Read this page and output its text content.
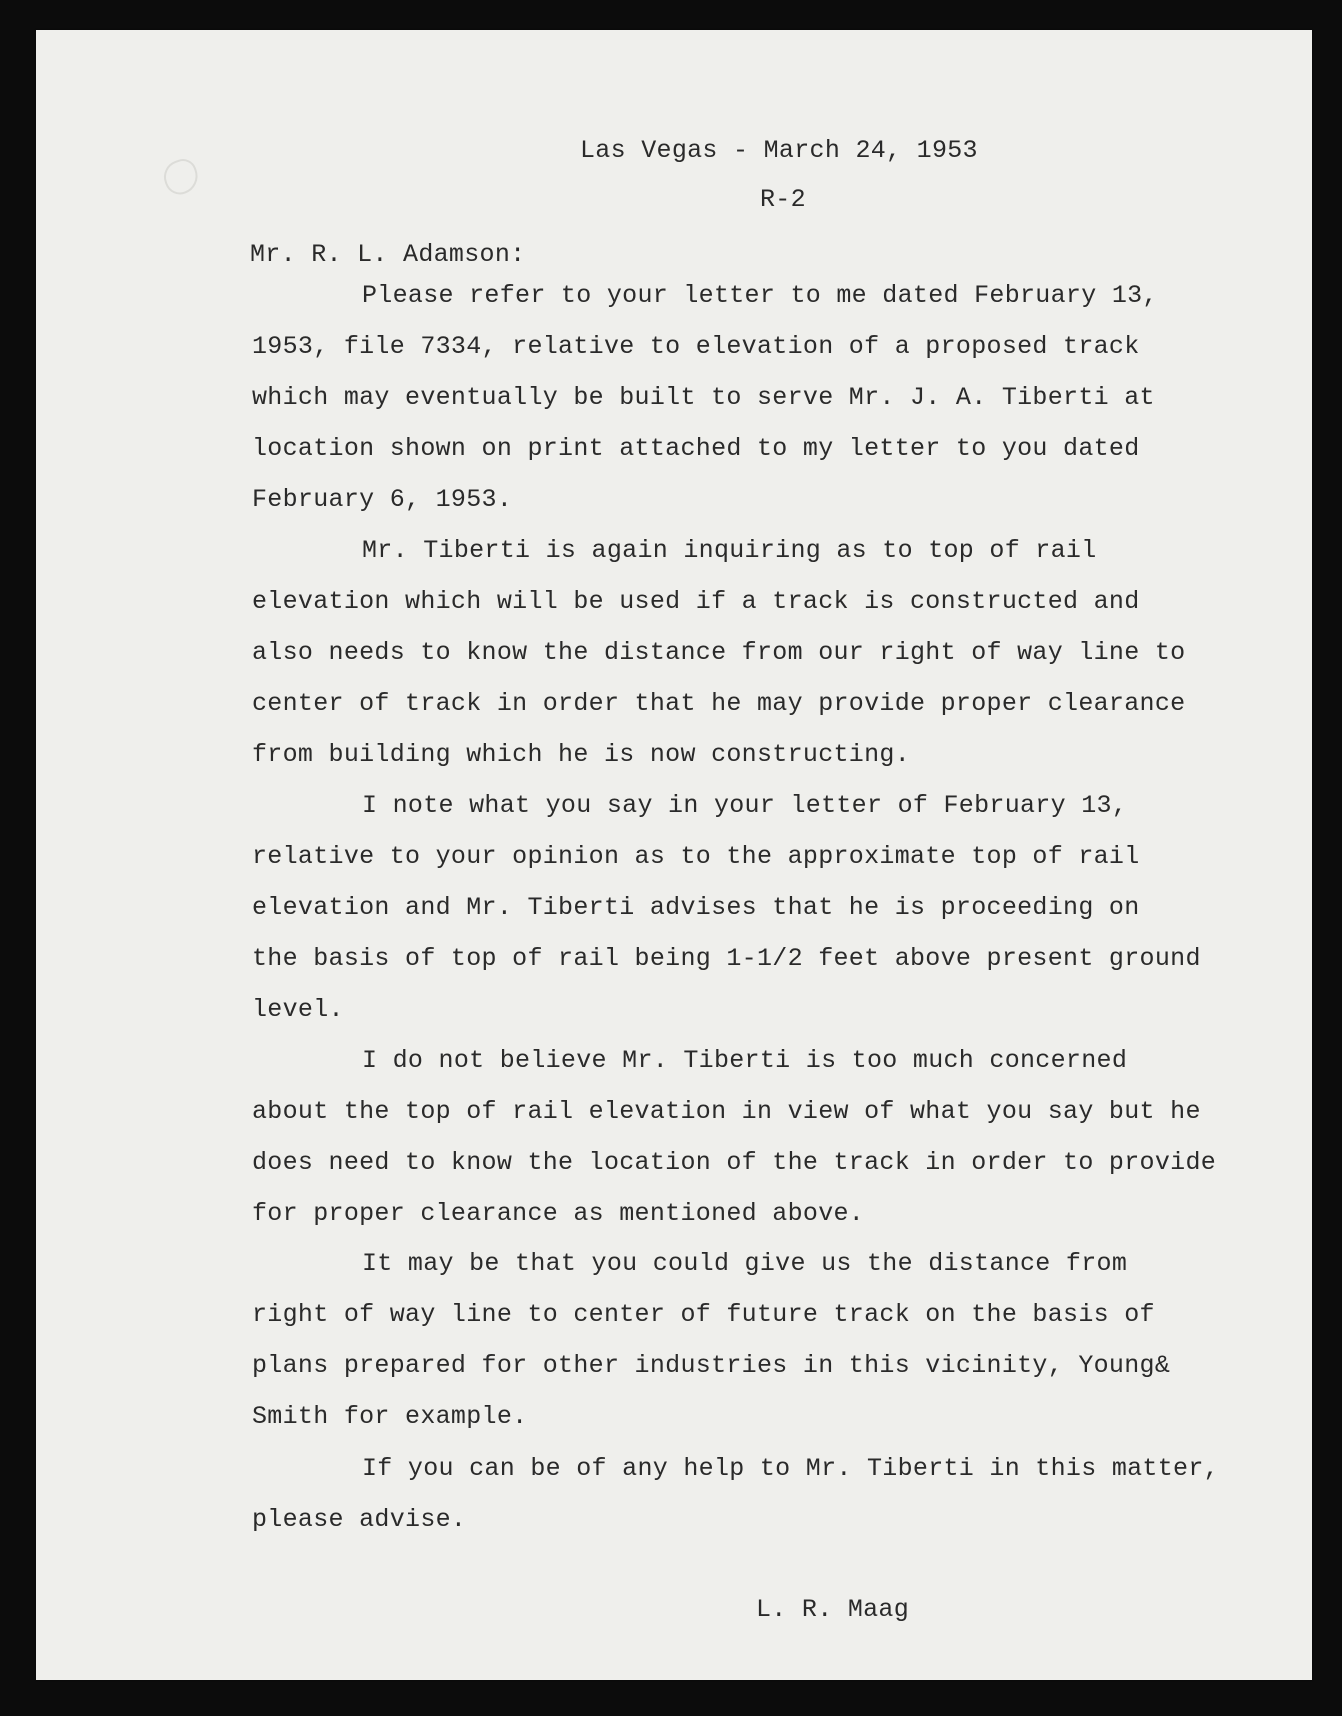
Las Vegas - March 24, 1953
R-2
Mr. R. L. Adamson:
Please refer to your letter to me dated February 13,
1953, file 7334, relative to elevation of a proposed track
which may eventually be built to serve Mr. J. A. Tiberti at
location shown on print attached to my letter to you dated
February 6, 1953.
Mr. Tiberti is again inquiring as to top of rail
elevation which will be used if a track is constructed and
also needs to know the distance from our right of way line to
center of track in order that he may provide proper clearance
from building which he is now constructing.
I note what you say in your letter of February 13,
relative to your opinion as to the approximate top of rail
elevation and Mr. Tiberti advises that he is proceeding on
the basis of top of rail being 1-1/2 feet above present ground
level.
I do not believe Mr. Tiberti is too much concerned
about the top of rail elevation in view of what you say but he
does need to know the location of the track in order to provide
for proper clearance as mentioned above.
It may be that you could give us the distance from
right of way line to center of future track on the basis of
plans prepared for other industries in this vicinity, Young&
Smith for example.
If you can be of any help to Mr. Tiberti in this matter,
please advise.
L. R. Maag
